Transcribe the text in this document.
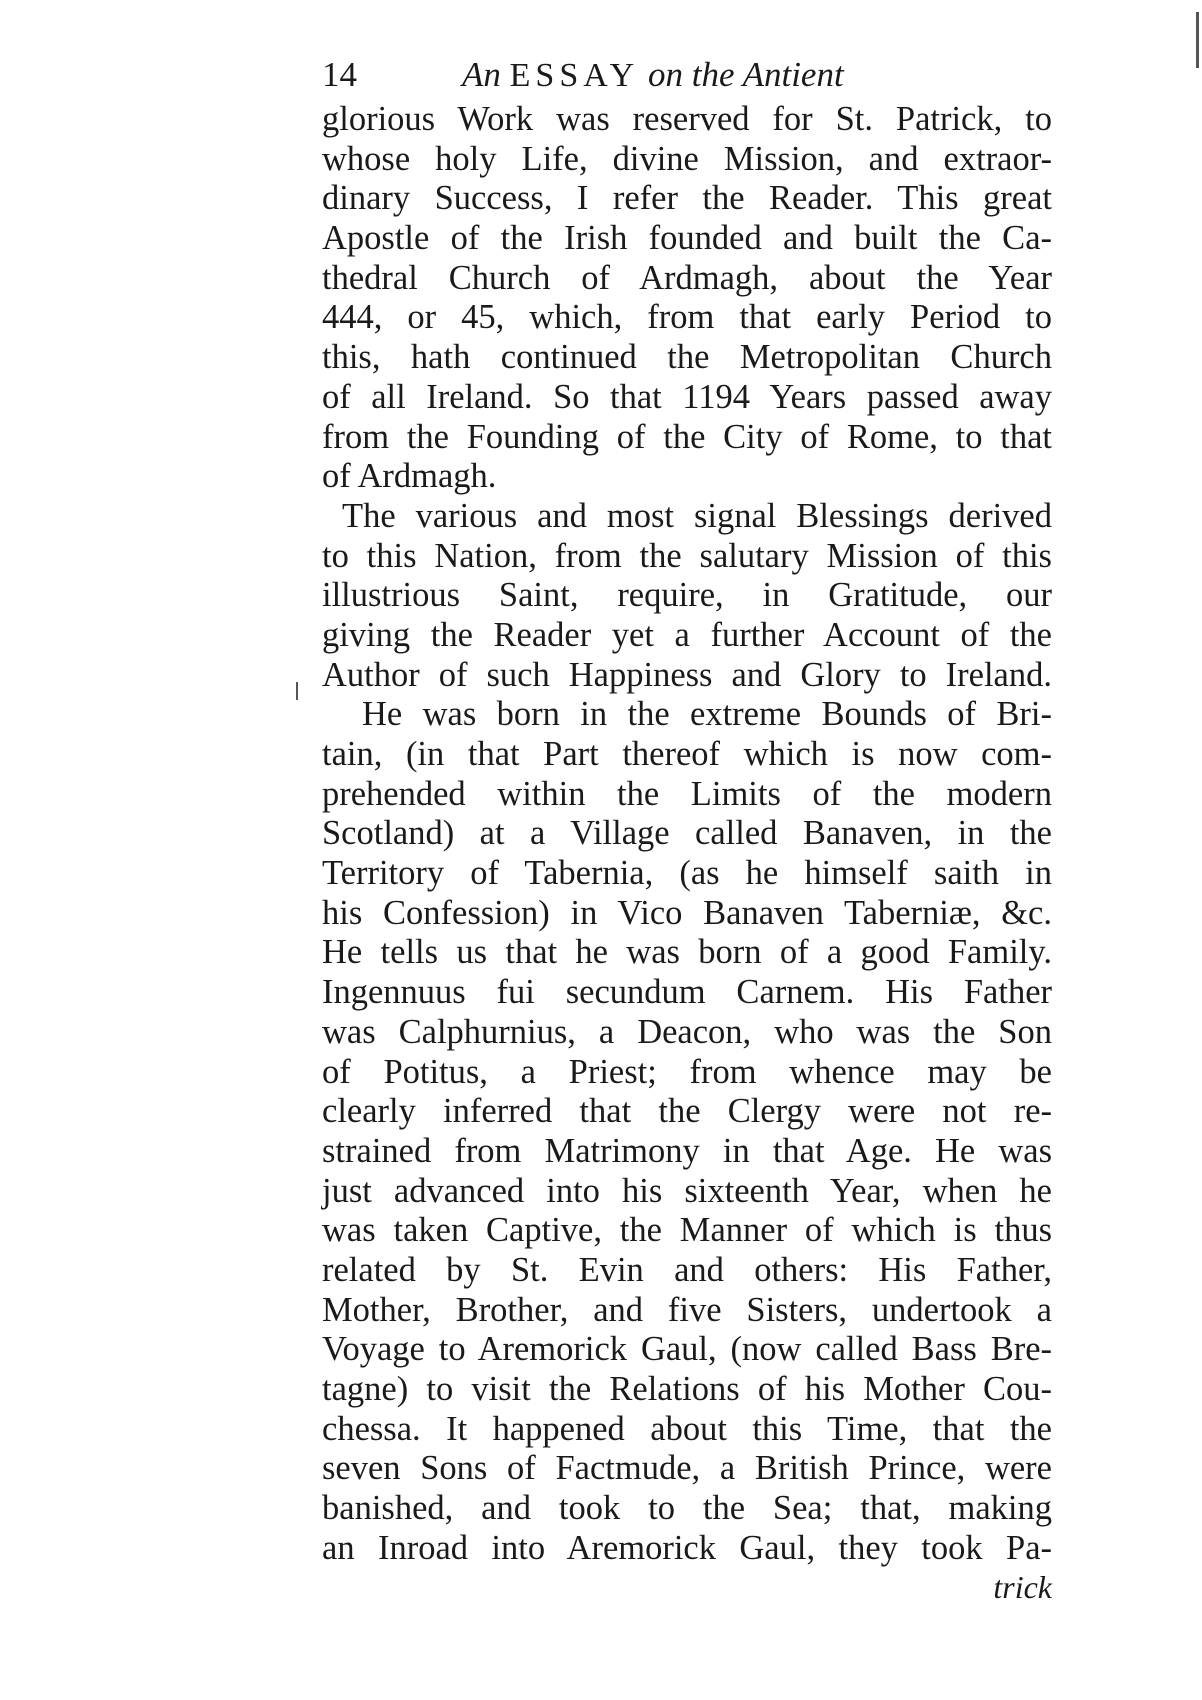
14	An ESSAY on the Antient
glorious Work was reserved for St. Patrick, to
whose holy Life, divine Mission, and extraor-
dinary Success, I refer the Reader. This great
Apostle of the Irish founded and built the Ca-
thedral Church of Ardmagh, about the Year
444, or 45, which, from that early Period to
this, hath continued the Metropolitan Church
of all Ireland. So that 1194 Years passed away
from the Founding of the City of Rome, to that
of Ardmagh.
The various and most signal Blessings derived
to this Nation, from the salutary Mission of this
illustrious Saint, require, in Gratitude, our
giving the Reader yet a further Account of the
Author of such Happiness and Glory to Ireland.
He was born in the extreme Bounds of Bri-
tain, (in that Part thereof which is now com-
prehended within the Limits of the modern
Scotland) at a Village called Banaven, in the
Territory of Tabernia, (as he himself saith in
his Confession) in Vico Banaven Taberniæ, &c.
He tells us that he was born of a good Family.
Ingennuus fui secundum Carnem. His Father
was Calphurnius, a Deacon, who was the Son
of Potitus, a Priest; from whence may be
clearly inferred that the Clergy were not re-
strained from Matrimony in that Age. He was
just advanced into his sixteenth Year, when he
was taken Captive, the Manner of which is thus
related by St. Evin and others: His Father,
Mother, Brother, and five Sisters, undertook a
Voyage to Aremorick Gaul, (now called Bass Bre-
tagne) to visit the Relations of his Mother Cou-
chessa. It happened about this Time, that the
seven Sons of Factmude, a British Prince, were
banished, and took to the Sea; that, making
an Inroad into Aremorick Gaul, they took Pa-
trick
